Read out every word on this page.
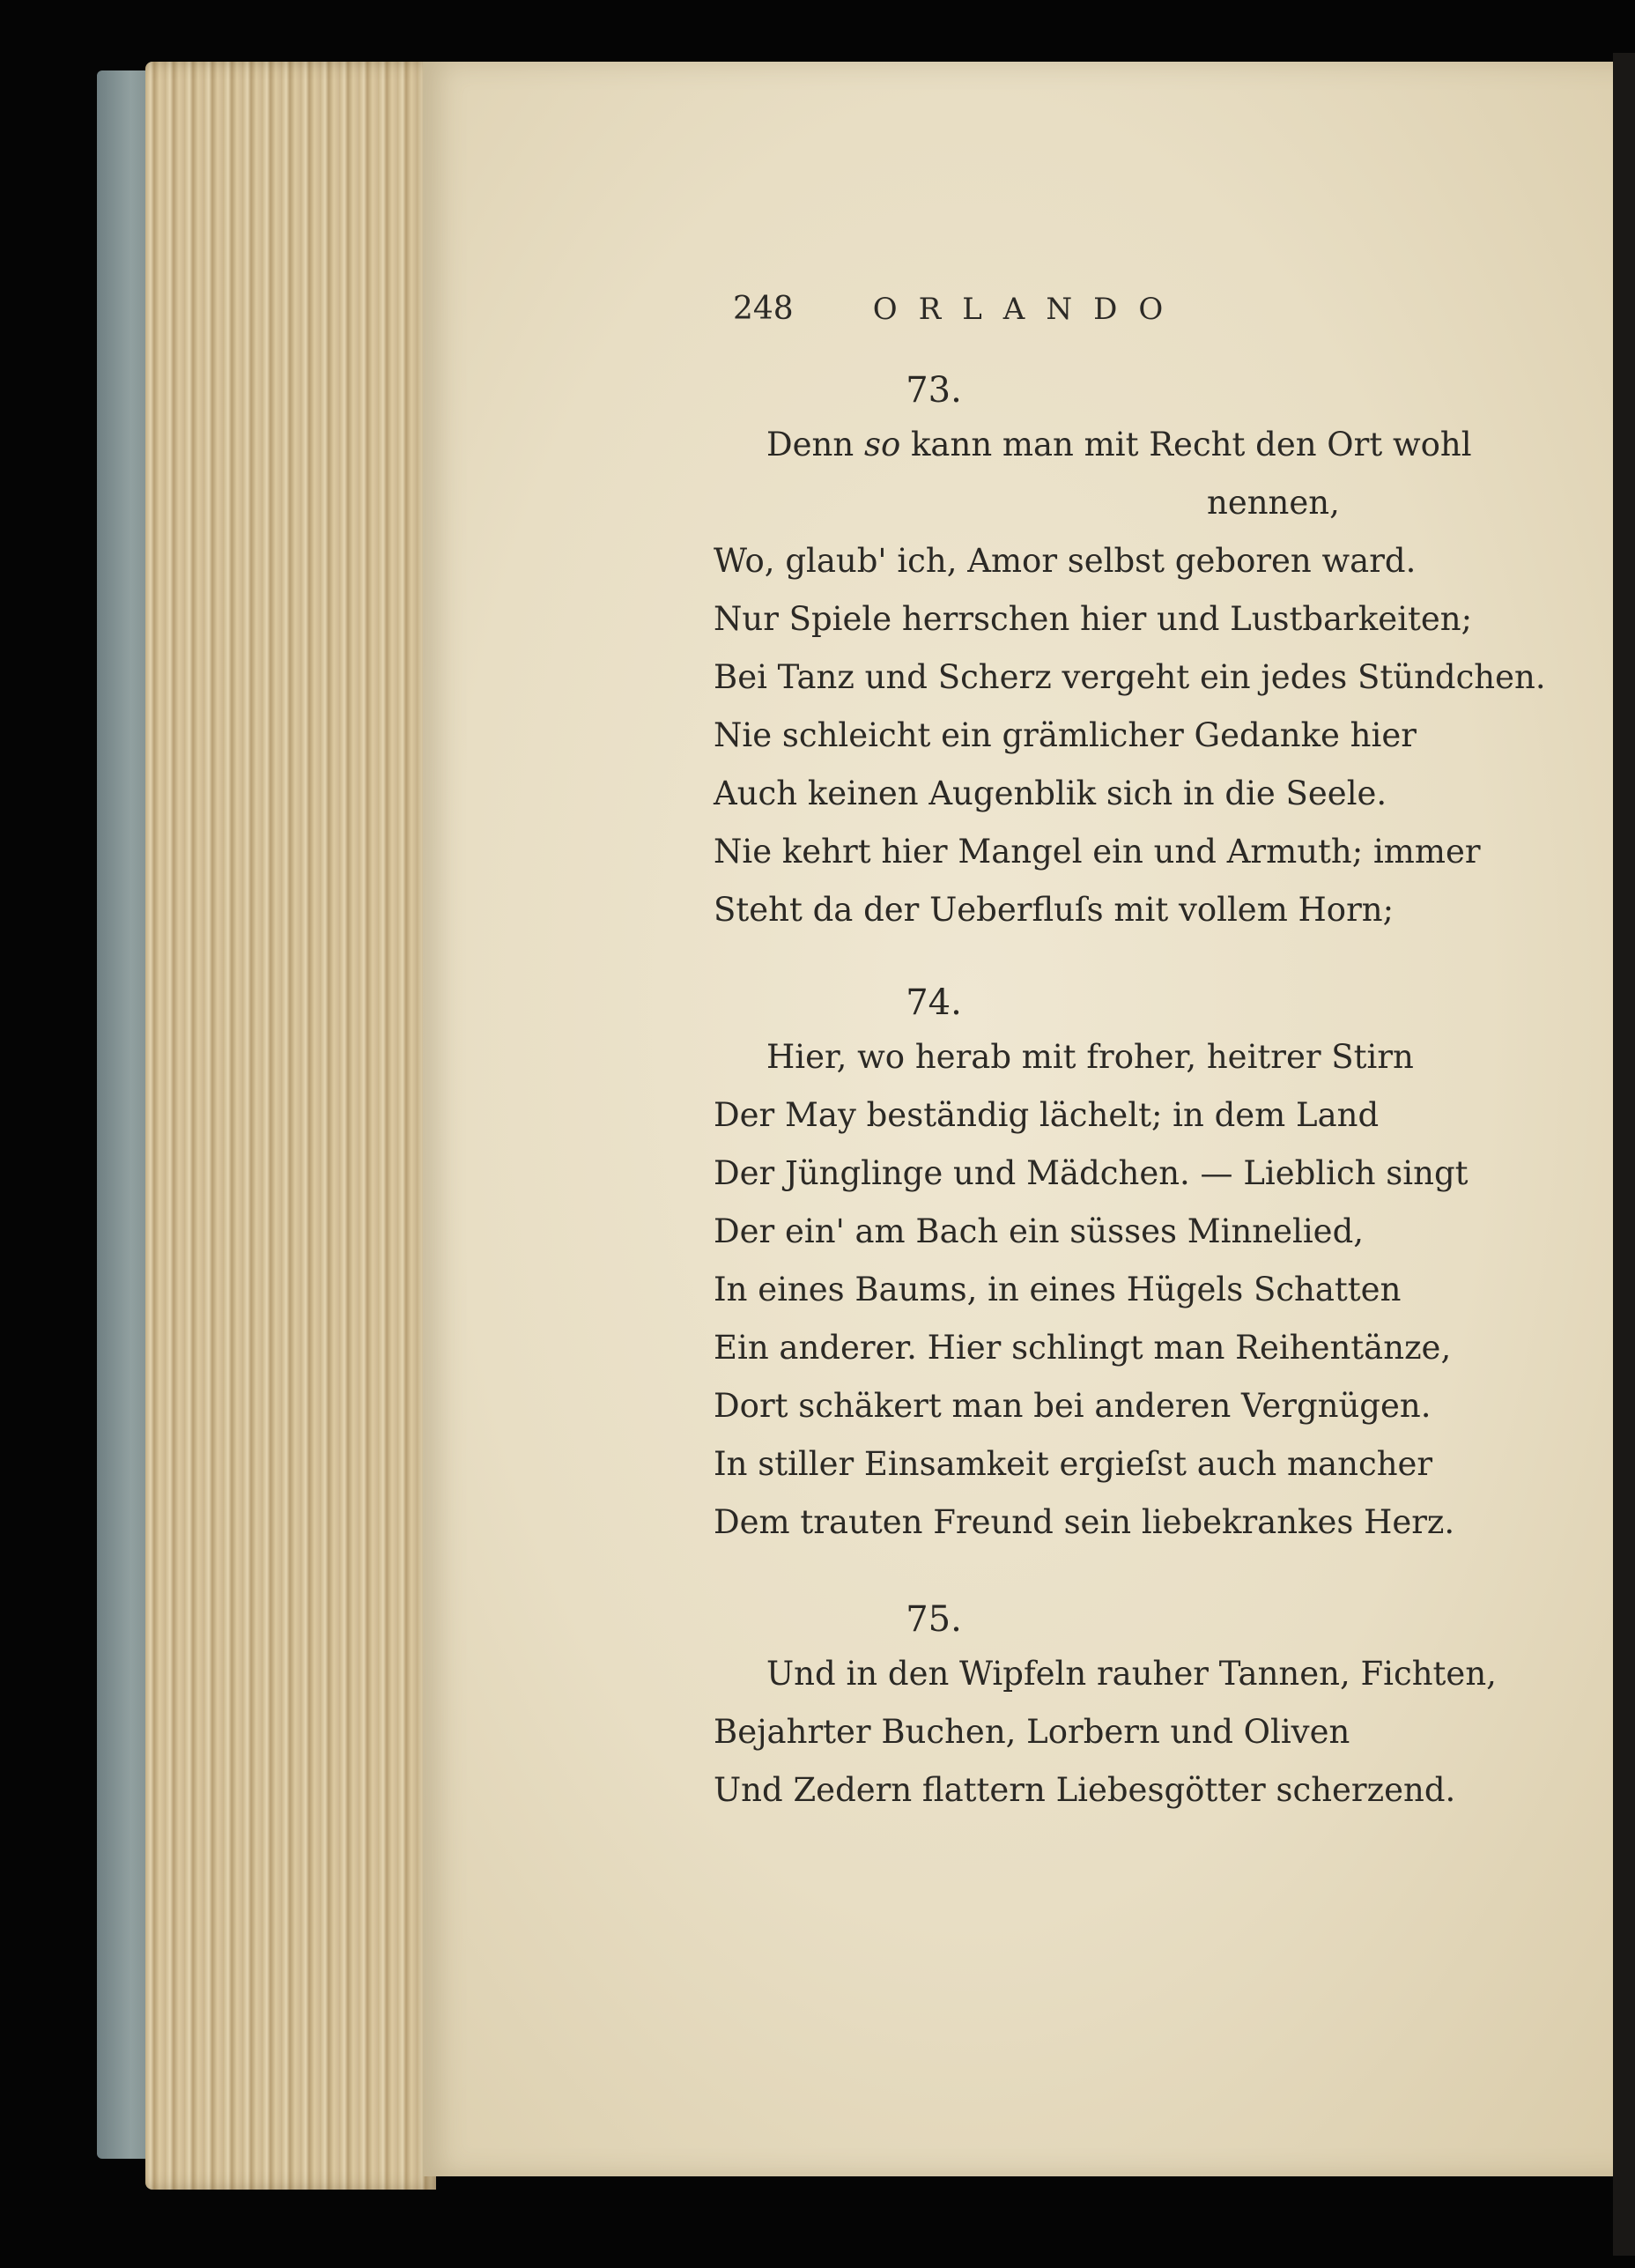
248	ORLANDO
73.
Denn so kann man mit Recht den Ort wohl
nennen,
Wo, glaub' ich, Amor selbst geboren ward.
Nur Spiele herrschen hier und Lustbarkeiten;
Bei Tanz und Scherz vergeht ein jedes Stündchen.
Nie schleicht ein grämlicher Gedanke hier
Auch keinen Augenblik sich in die Seele.
Nie kehrt hier Mangel ein und Armuth; immer
Steht da der Ueberfluſs mit vollem Horn;
74.
Hier, wo herab mit froher, heitrer Stirn
Der May beständig lächelt; in dem Land
Der Jünglinge und Mädchen. — Lieblich singt
Der ein' am Bach ein süsses Minnelied,
In eines Baums, in eines Hügels Schatten
Ein anderer. Hier schlingt man Reihentänze,
Dort schäkert man bei anderen Vergnügen.
In stiller Einsamkeit ergieſst auch mancher
Dem trauten Freund sein liebekrankes Herz.
75.
Und in den Wipfeln rauher Tannen, Fichten,
Bejahrter Buchen, Lorbern und Oliven
Und Zedern flattern Liebesgötter scherzend.
